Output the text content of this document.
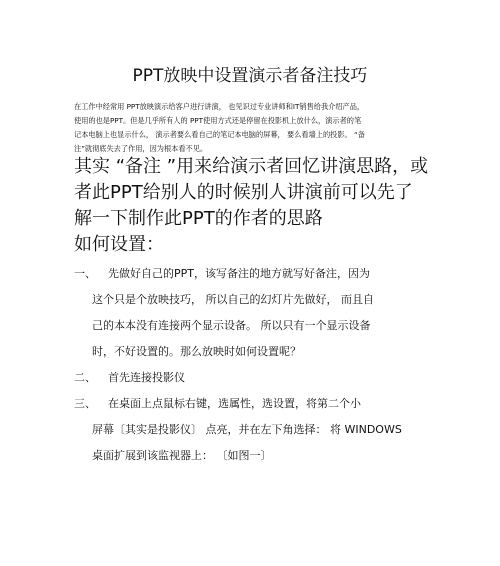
PPT放映中设置演示者备注技巧
在工作中经常用 PPT放映演示给客户进行讲演， 也见识过专业讲师和IT销售给我介绍产品，
使用的也是PPT。但是几乎所有人的 PPT使用方式还是停留在投影机上放什么，演示者的笔
记本电脑上也显示什么， 演示者要么看自己的笔记本电脑的屏幕， 要么看墙上的投影。 “备
注”就彻底失去了作用，因为根本看不见。
其实 “备注 ”用来给演示者回忆讲演思路，或
者此PPT给别人的时候别人讲演前可以先了
解一下制作此PPT的作者的思路
如何设置：
一、 先做好自己的PPT，该写备注的地方就写好备注，因为
这个只是个放映技巧， 所以自己的幻灯片先做好， 而且自
己的本本没有连接两个显示设备。 所以只有一个显示设备
时，不好设置的。那么放映时如何设置呢？
二、 首先连接投影仪
三、 在桌面上点鼠标右键，选属性，选设置，将第二个小
屏幕〔其实是投影仪〕 点亮，并在左下角选择： 将 WINDOWS
桌面扩展到该监视器上： 〔如图一〕
